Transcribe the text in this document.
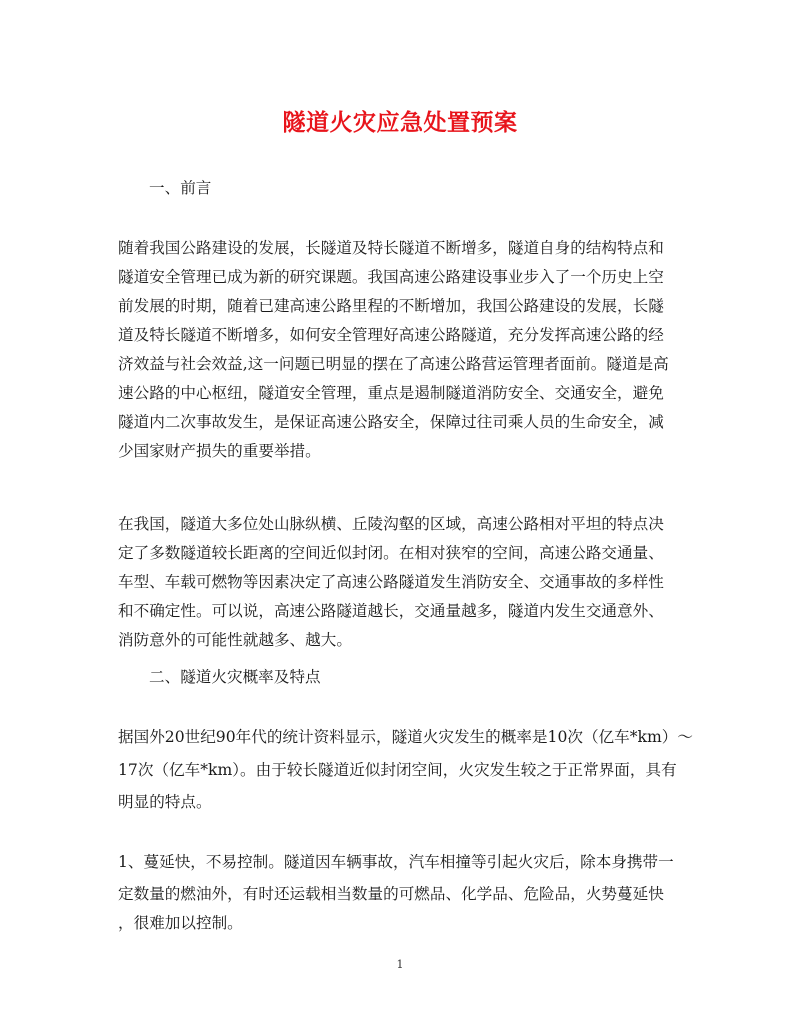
隧道火灾应急处置预案
一、前言
随着我国公路建设的发展，长隧道及特长隧道不断增多，隧道自身的结构特点和
隧道安全管理已成为新的研究课题。我国高速公路建设事业步入了一个历史上空
前发展的时期，随着已建高速公路里程的不断增加，我国公路建设的发展，长隧
道及特长隧道不断增多，如何安全管理好高速公路隧道，充分发挥高速公路的经
济效益与社会效益,这一问题已明显的摆在了高速公路营运管理者面前。隧道是高
速公路的中心枢纽，隧道安全管理，重点是遏制隧道消防安全、交通安全，避免
隧道内二次事故发生，是保证高速公路安全，保障过往司乘人员的生命安全，减
少国家财产损失的重要举措。
在我国，隧道大多位处山脉纵横、丘陵沟壑的区域，高速公路相对平坦的特点决
定了多数隧道较长距离的空间近似封闭。在相对狭窄的空间，高速公路交通量、
车型、车载可燃物等因素决定了高速公路隧道发生消防安全、交通事故的多样性
和不确定性。可以说，高速公路隧道越长，交通量越多，隧道内发生交通意外、
消防意外的可能性就越多、越大。
二、隧道火灾概率及特点
据国外20世纪90年代的统计资料显示，隧道火灾发生的概率是10次（亿车*km）～
17次（亿车*km）。由于较长隧道近似封闭空间，火灾发生较之于正常界面，具有
明显的特点。
1、蔓延快，不易控制。隧道因车辆事故，汽车相撞等引起火灾后，除本身携带一
定数量的燃油外，有时还运载相当数量的可燃品、化学品、危险品，火势蔓延快
，很难加以控制。
1
